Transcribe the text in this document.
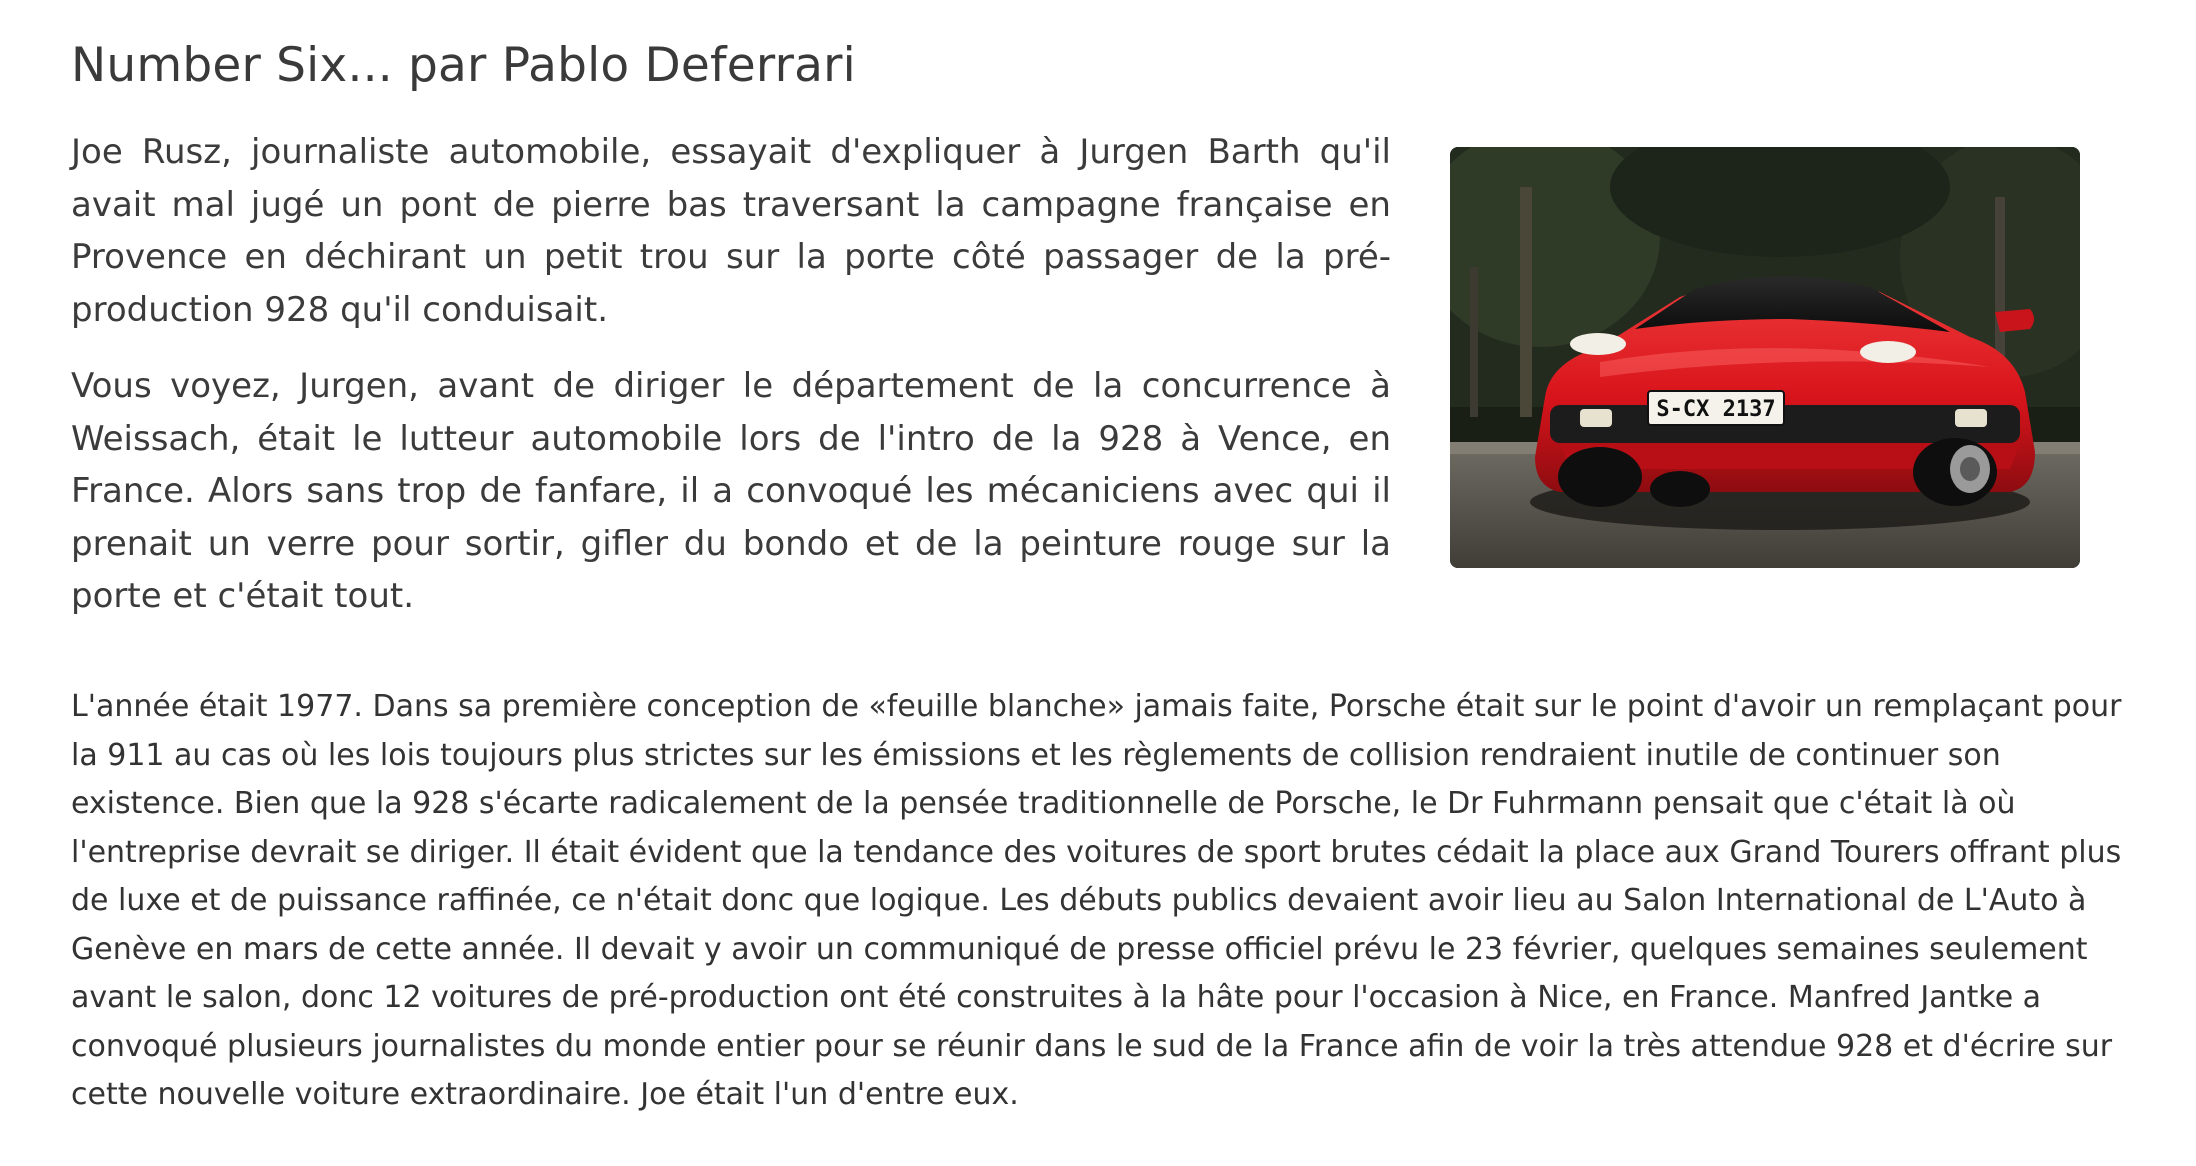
Number Six... par Pablo Deferrari

Joe Rusz, journaliste automobile, essayait d'expliquer à Jurgen Barth qu'il avait mal jugé un pont de pierre bas traversant la campagne française en Provence en déchirant un petit trou sur la porte côté passager de la pré-production 928 qu'il conduisait.

Vous voyez, Jurgen, avant de diriger le département de la concurrence à Weissach, était le lutteur automobile lors de l'intro de la 928 à Vence, en France. Alors sans trop de fanfare, il a convoqué les mécaniciens avec qui il prenait un verre pour sortir, gifler du bondo et de la peinture rouge sur la porte et c'était tout.

S-CX 2137

L'année était 1977. Dans sa première conception de «feuille blanche» jamais faite, Porsche était sur le point d'avoir un remplaçant pour la 911 au cas où les lois toujours plus strictes sur les émissions et les règlements de collision rendraient inutile de continuer son existence. Bien que la 928 s'écarte radicalement de la pensée traditionnelle de Porsche, le Dr Fuhrmann pensait que c'était là où l'entreprise devrait se diriger. Il était évident que la tendance des voitures de sport brutes cédait la place aux Grand Tourers offrant plus de luxe et de puissance raffinée, ce n'était donc que logique. Les débuts publics devaient avoir lieu au Salon International de L'Auto à Genève en mars de cette année. Il devait y avoir un communiqué de presse officiel prévu le 23 février, quelques semaines seulement avant le salon, donc 12 voitures de pré-production ont été construites à la hâte pour l'occasion à Nice, en France. Manfred Jantke a convoqué plusieurs journalistes du monde entier pour se réunir dans le sud de la France afin de voir la très attendue 928 et d'écrire sur cette nouvelle voiture extraordinaire. Joe était l'un d'entre eux.
